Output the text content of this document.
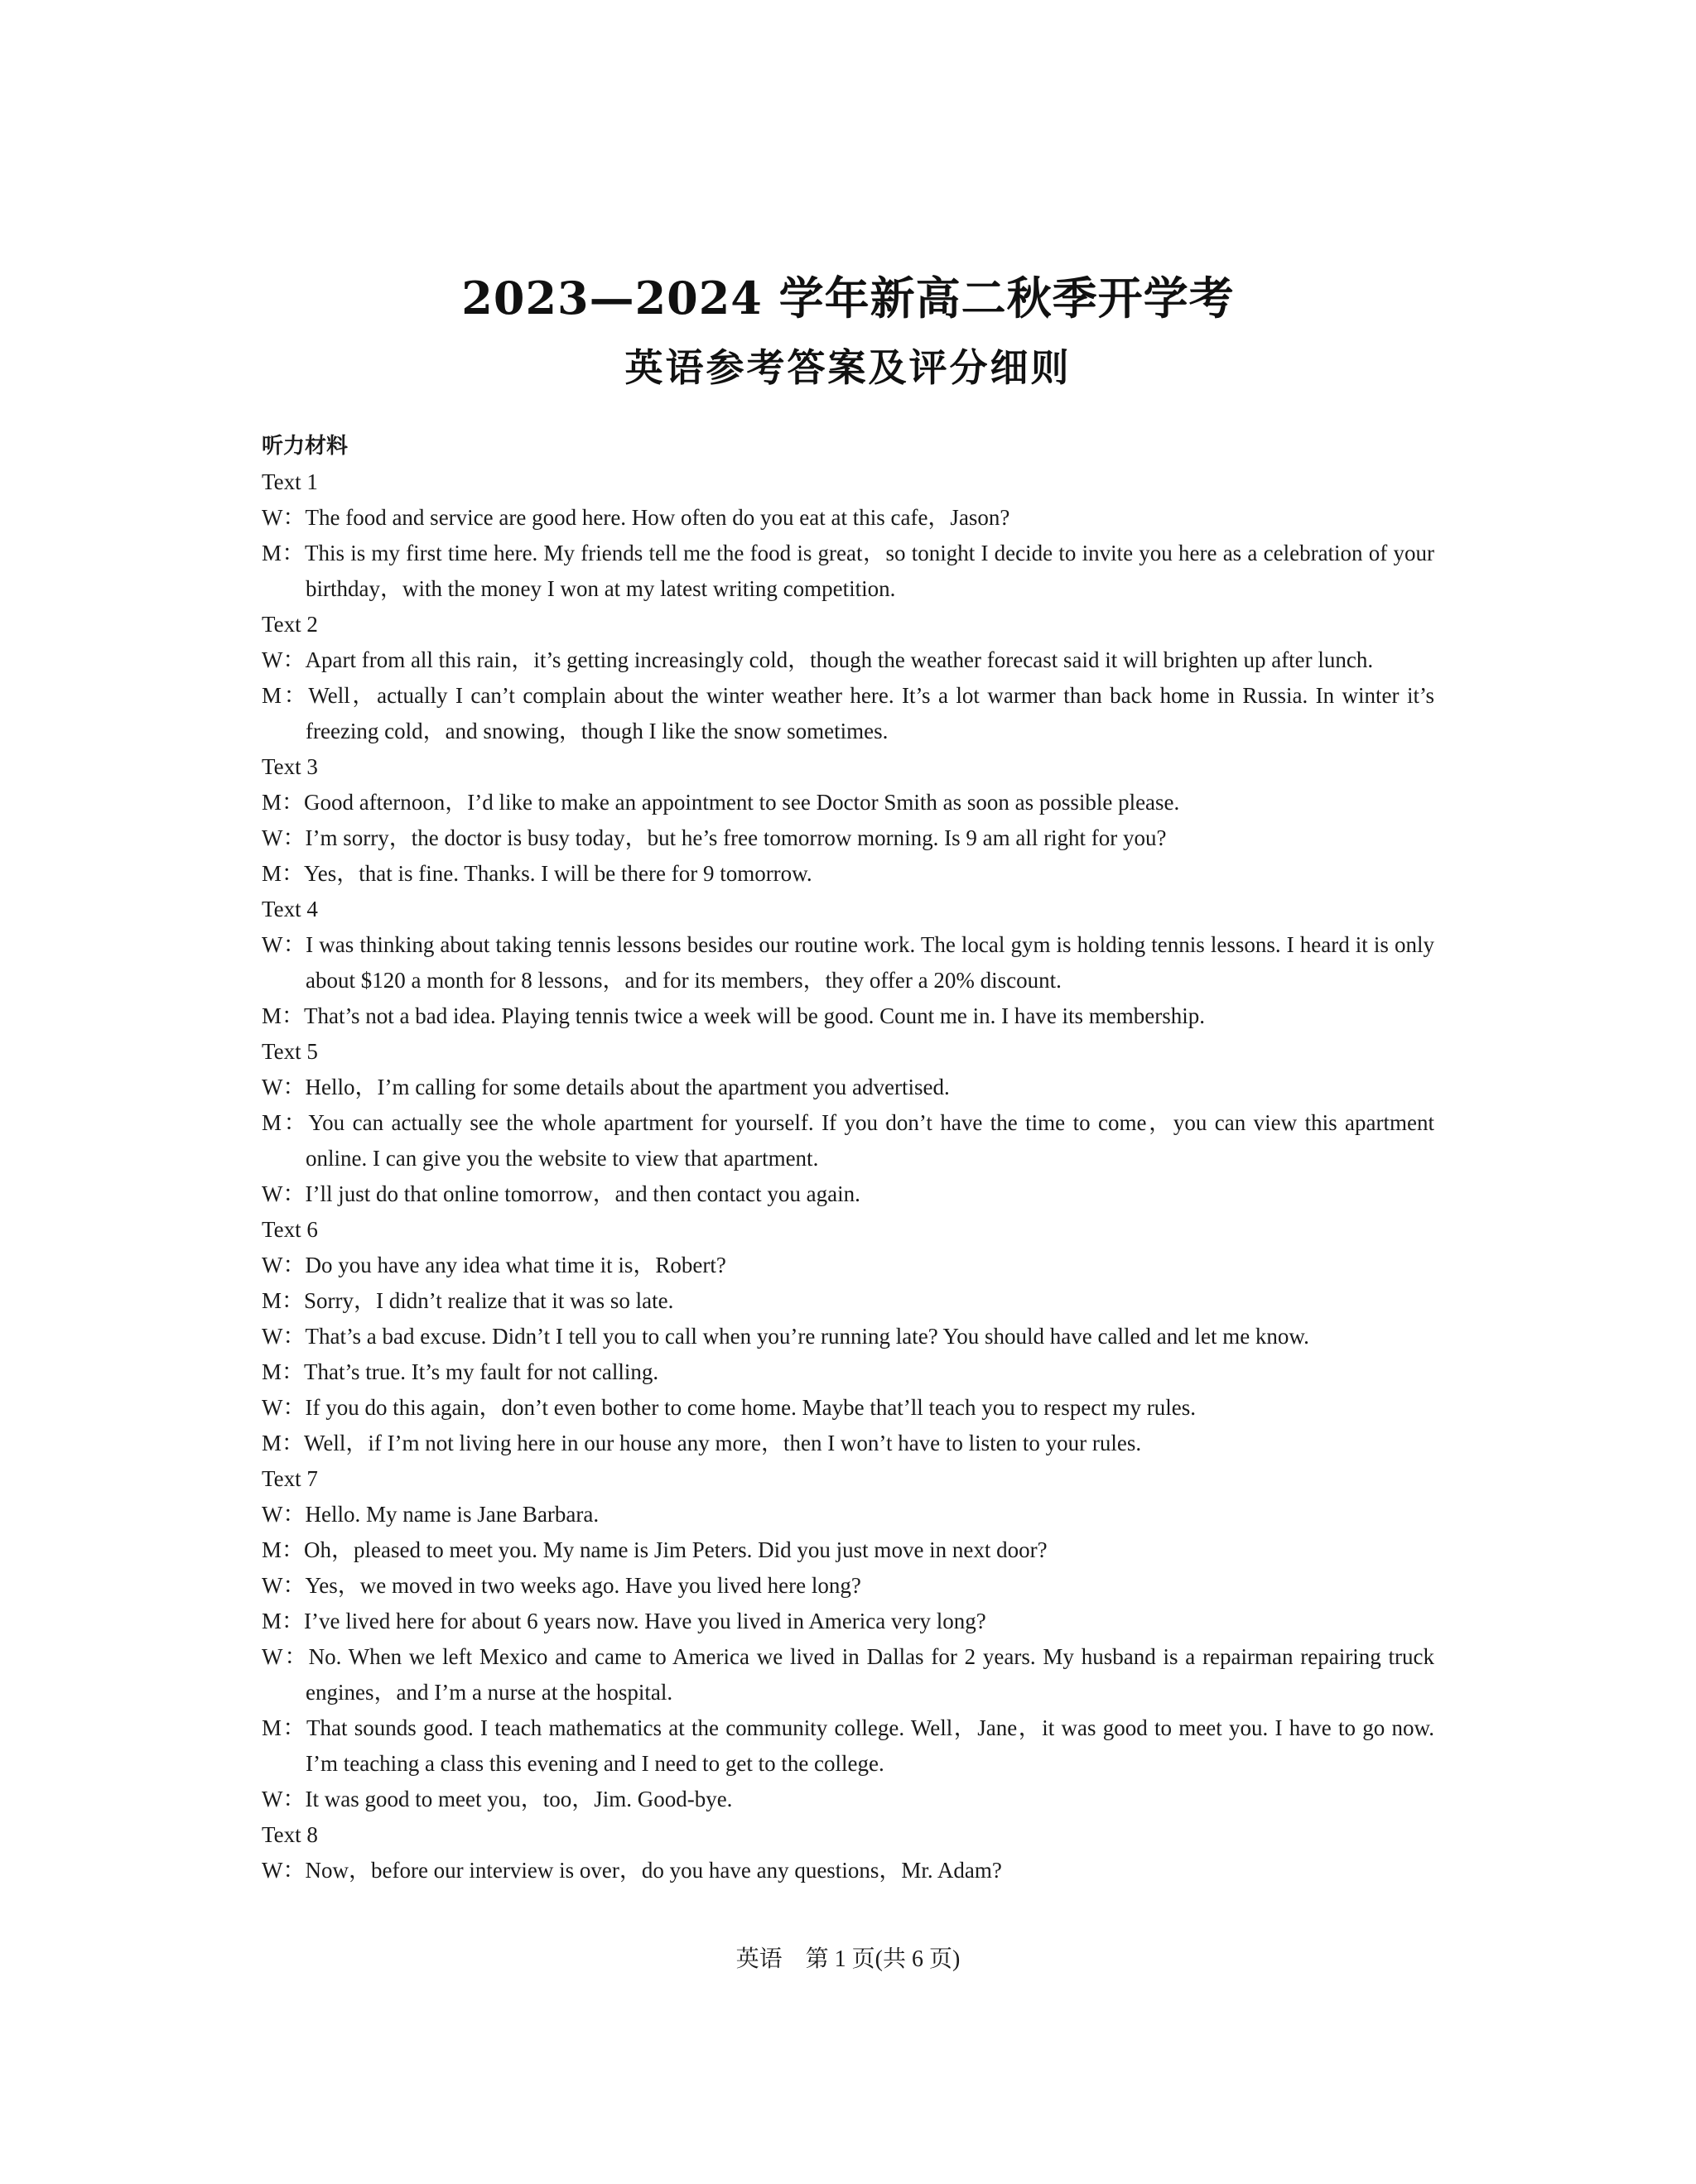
2023—2024 学年新高二秋季开学考
英语参考答案及评分细则
听力材料
Text 1
W：The food and service are good here. How often do you eat at this cafe，Jason?
M：This is my first time here. My friends tell me the food is great，so tonight I decide to invite you here as a celebration of your birthday，with the money I won at my latest writing competition.
Text 2
W：Apart from all this rain，it’s getting increasingly cold，though the weather forecast said it will brighten up after lunch.
M：Well，actually I can’t complain about the winter weather here. It’s a lot warmer than back home in Russia. In winter it’s freezing cold，and snowing，though I like the snow sometimes.
Text 3
M：Good afternoon，I’d like to make an appointment to see Doctor Smith as soon as possible please.
W：I’m sorry，the doctor is busy today，but he’s free tomorrow morning. Is 9 am all right for you?
M：Yes，that is fine. Thanks. I will be there for 9 tomorrow.
Text 4
W：I was thinking about taking tennis lessons besides our routine work. The local gym is holding tennis lessons. I heard it is only about $120 a month for 8 lessons，and for its members，they offer a 20% discount.
M：That’s not a bad idea. Playing tennis twice a week will be good. Count me in. I have its membership.
Text 5
W：Hello，I’m calling for some details about the apartment you advertised.
M：You can actually see the whole apartment for yourself. If you don’t have the time to come，you can view this apartment online. I can give you the website to view that apartment.
W：I’ll just do that online tomorrow，and then contact you again.
Text 6
W：Do you have any idea what time it is，Robert?
M：Sorry，I didn’t realize that it was so late.
W：That’s a bad excuse. Didn’t I tell you to call when you’re running late? You should have called and let me know.
M：That’s true. It’s my fault for not calling.
W：If you do this again，don’t even bother to come home. Maybe that’ll teach you to respect my rules.
M：Well，if I’m not living here in our house any more，then I won’t have to listen to your rules.
Text 7
W：Hello. My name is Jane Barbara.
M：Oh，pleased to meet you. My name is Jim Peters. Did you just move in next door?
W：Yes，we moved in two weeks ago. Have you lived here long?
M：I’ve lived here for about 6 years now. Have you lived in America very long?
W：No. When we left Mexico and came to America we lived in Dallas for 2 years. My husband is a repairman repairing truck engines，and I’m a nurse at the hospital.
M：That sounds good. I teach mathematics at the community college. Well，Jane，it was good to meet you. I have to go now. I’m teaching a class this evening and I need to get to the college.
W：It was good to meet you，too，Jim. Good-bye.
Text 8
W：Now，before our interview is over，do you have any questions，Mr. Adam?
英语　第 1 页(共 6 页)
